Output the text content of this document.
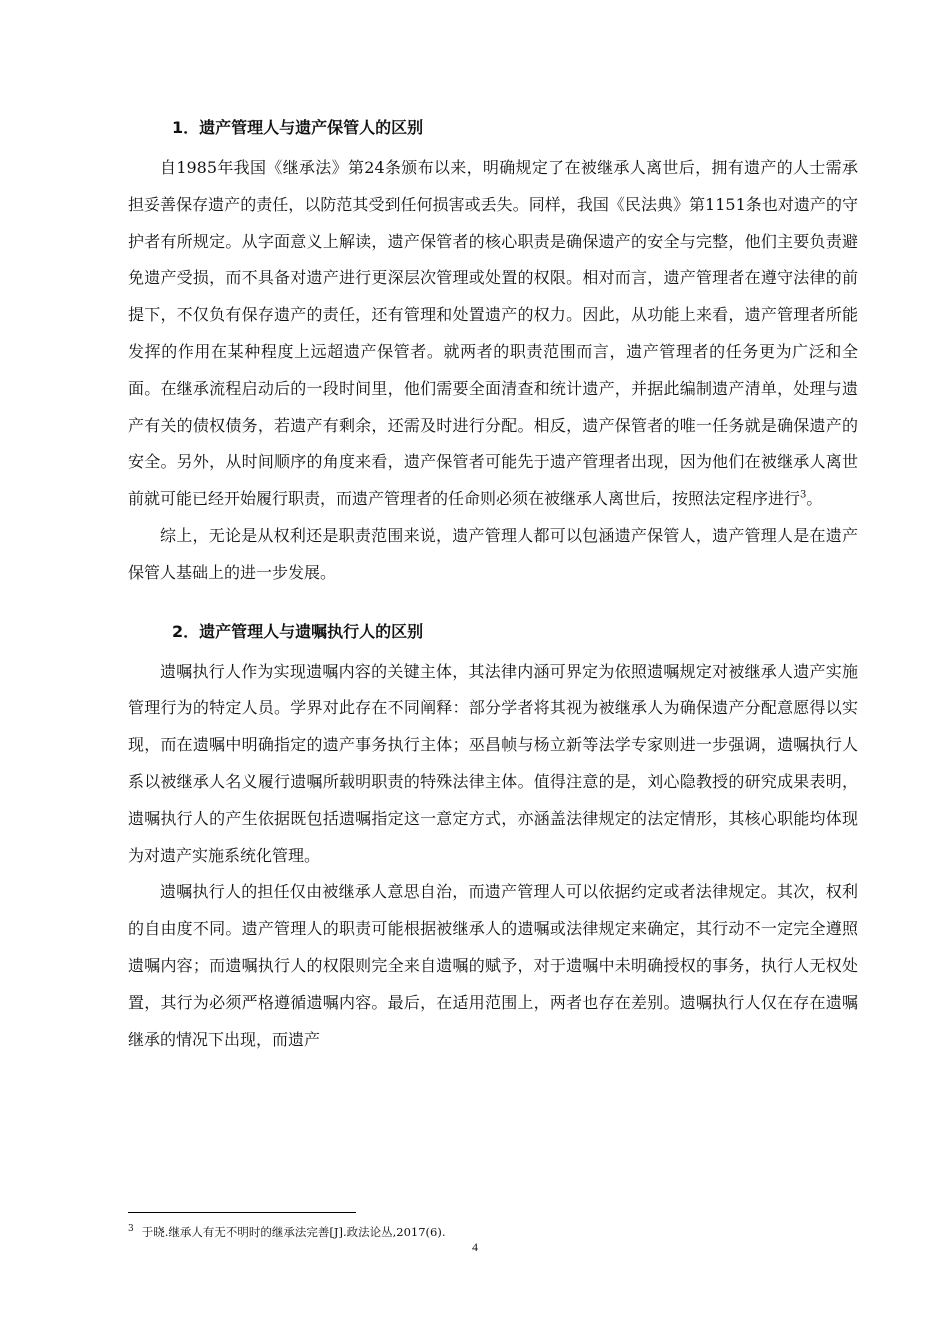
1．遗产管理人与遗产保管人的区别

自1985年我国《继承法》第24条颁布以来，明确规定了在被继承人离世后，拥有遗产的人士需承担妥善保存遗产的责任，以防范其受到任何损害或丢失。同样，我国《民法典》第1151条也对遗产的守护者有所规定。从字面意义上解读，遗产保管者的核心职责是确保遗产的安全与完整，他们主要负责避免遗产受损，而不具备对遗产进行更深层次管理或处置的权限。相对而言，遗产管理者在遵守法律的前提下，不仅负有保存遗产的责任，还有管理和处置遗产的权力。因此，从功能上来看，遗产管理者所能发挥的作用在某种程度上远超遗产保管者。就两者的职责范围而言，遗产管理者的任务更为广泛和全面。在继承流程启动后的一段时间里，他们需要全面清查和统计遗产，并据此编制遗产清单，处理与遗产有关的债权债务，若遗产有剩余，还需及时进行分配。相反，遗产保管者的唯一任务就是确保遗产的安全。另外，从时间顺序的角度来看，遗产保管者可能先于遗产管理者出现，因为他们在被继承人离世前就可能已经开始履行职责，而遗产管理者的任命则必须在被继承人离世后，按照法定程序进行$^3$。

综上，无论是从权利还是职责范围来说，遗产管理人都可以包涵遗产保管人，遗产管理人是在遗产保管人基础上的进一步发展。

2．遗产管理人与遗嘱执行人的区别

遗嘱执行人作为实现遗嘱内容的关键主体，其法律内涵可界定为依照遗嘱规定对被继承人遗产实施管理行为的特定人员。学界对此存在不同阐释：部分学者将其视为被继承人为确保遗产分配意愿得以实现，而在遗嘱中明确指定的遗产事务执行主体；巫昌帧与杨立新等法学专家则进一步强调，遗嘱执行人系以被继承人名义履行遗嘱所载明职责的特殊法律主体。值得注意的是，刘心隐教授的研究成果表明，遗嘱执行人的产生依据既包括遗嘱指定这一意定方式，亦涵盖法律规定的法定情形，其核心职能均体现为对遗产实施系统化管理。

遗嘱执行人的担任仅由被继承人意思自治，而遗产管理人可以依据约定或者法律规定。其次，权利的自由度不同。遗产管理人的职责可能根据被继承人的遗嘱或法律规定来确定，其行动不一定完全遵照遗嘱内容；而遗嘱执行人的权限则完全来自遗嘱的赋予，对于遗嘱中未明确授权的事务，执行人无权处置，其行为必须严格遵循遗嘱内容。最后，在适用范围上，两者也存在差别。遗嘱执行人仅在存在遗嘱继承的情况下出现，而遗产

$^3$ 于晓.继承人有无不明时的继承法完善[J].政法论丛,2017(6).
4
